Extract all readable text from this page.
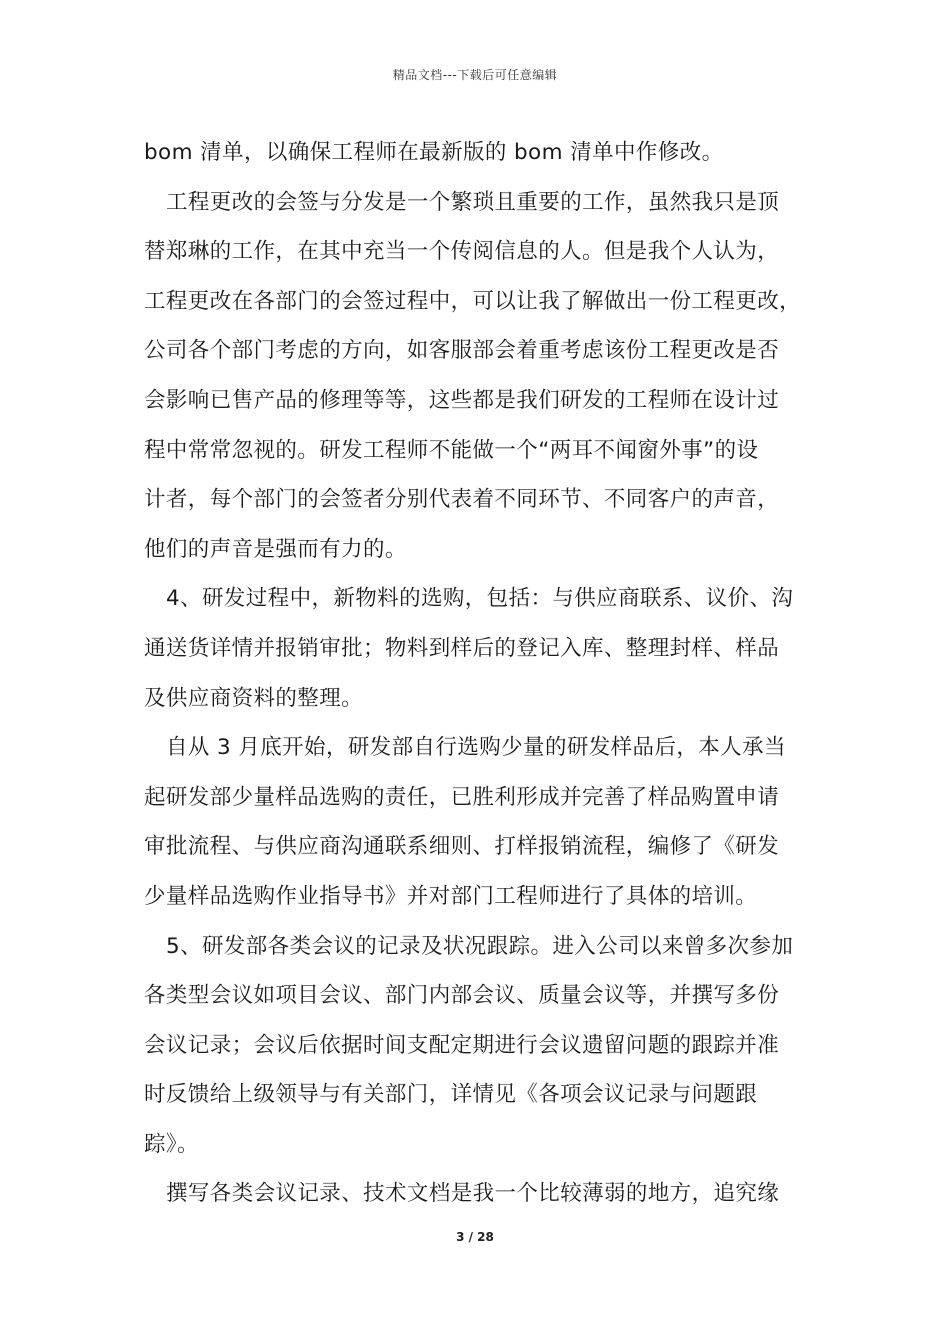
精品文档---下载后可任意编辑
bom 清单，以确保工程师在最新版的 bom 清单中作修改。
工程更改的会签与分发是一个繁琐且重要的工作，虽然我只是顶
替郑琳的工作，在其中充当一个传阅信息的人。但是我个人认为，
工程更改在各部门的会签过程中，可以让我了解做出一份工程更改，
公司各个部门考虑的方向，如客服部会着重考虑该份工程更改是否
会影响已售产品的修理等等，这些都是我们研发的工程师在设计过
程中常常忽视的。研发工程师不能做一个“两耳不闻窗外事”的设
计者，每个部门的会签者分别代表着不同环节、不同客户的声音，
他们的声音是强而有力的。
4、研发过程中，新物料的选购，包括：与供应商联系、议价、沟
通送货详情并报销审批；物料到样后的登记入库、整理封样、样品
及供应商资料的整理。
自从 3 月底开始，研发部自行选购少量的研发样品后，本人承当
起研发部少量样品选购的责任，已胜利形成并完善了样品购置申请
审批流程、与供应商沟通联系细则、打样报销流程，编修了《研发
少量样品选购作业指导书》并对部门工程师进行了具体的培训。
5、研发部各类会议的记录及状况跟踪。进入公司以来曾多次参加
各类型会议如项目会议、部门内部会议、质量会议等，并撰写多份
会议记录；会议后依据时间支配定期进行会议遗留问题的跟踪并准
时反馈给上级领导与有关部门，详情见《各项会议记录与问题跟
踪》。
撰写各类会议记录、技术文档是我一个比较薄弱的地方，追究缘
3 / 28
